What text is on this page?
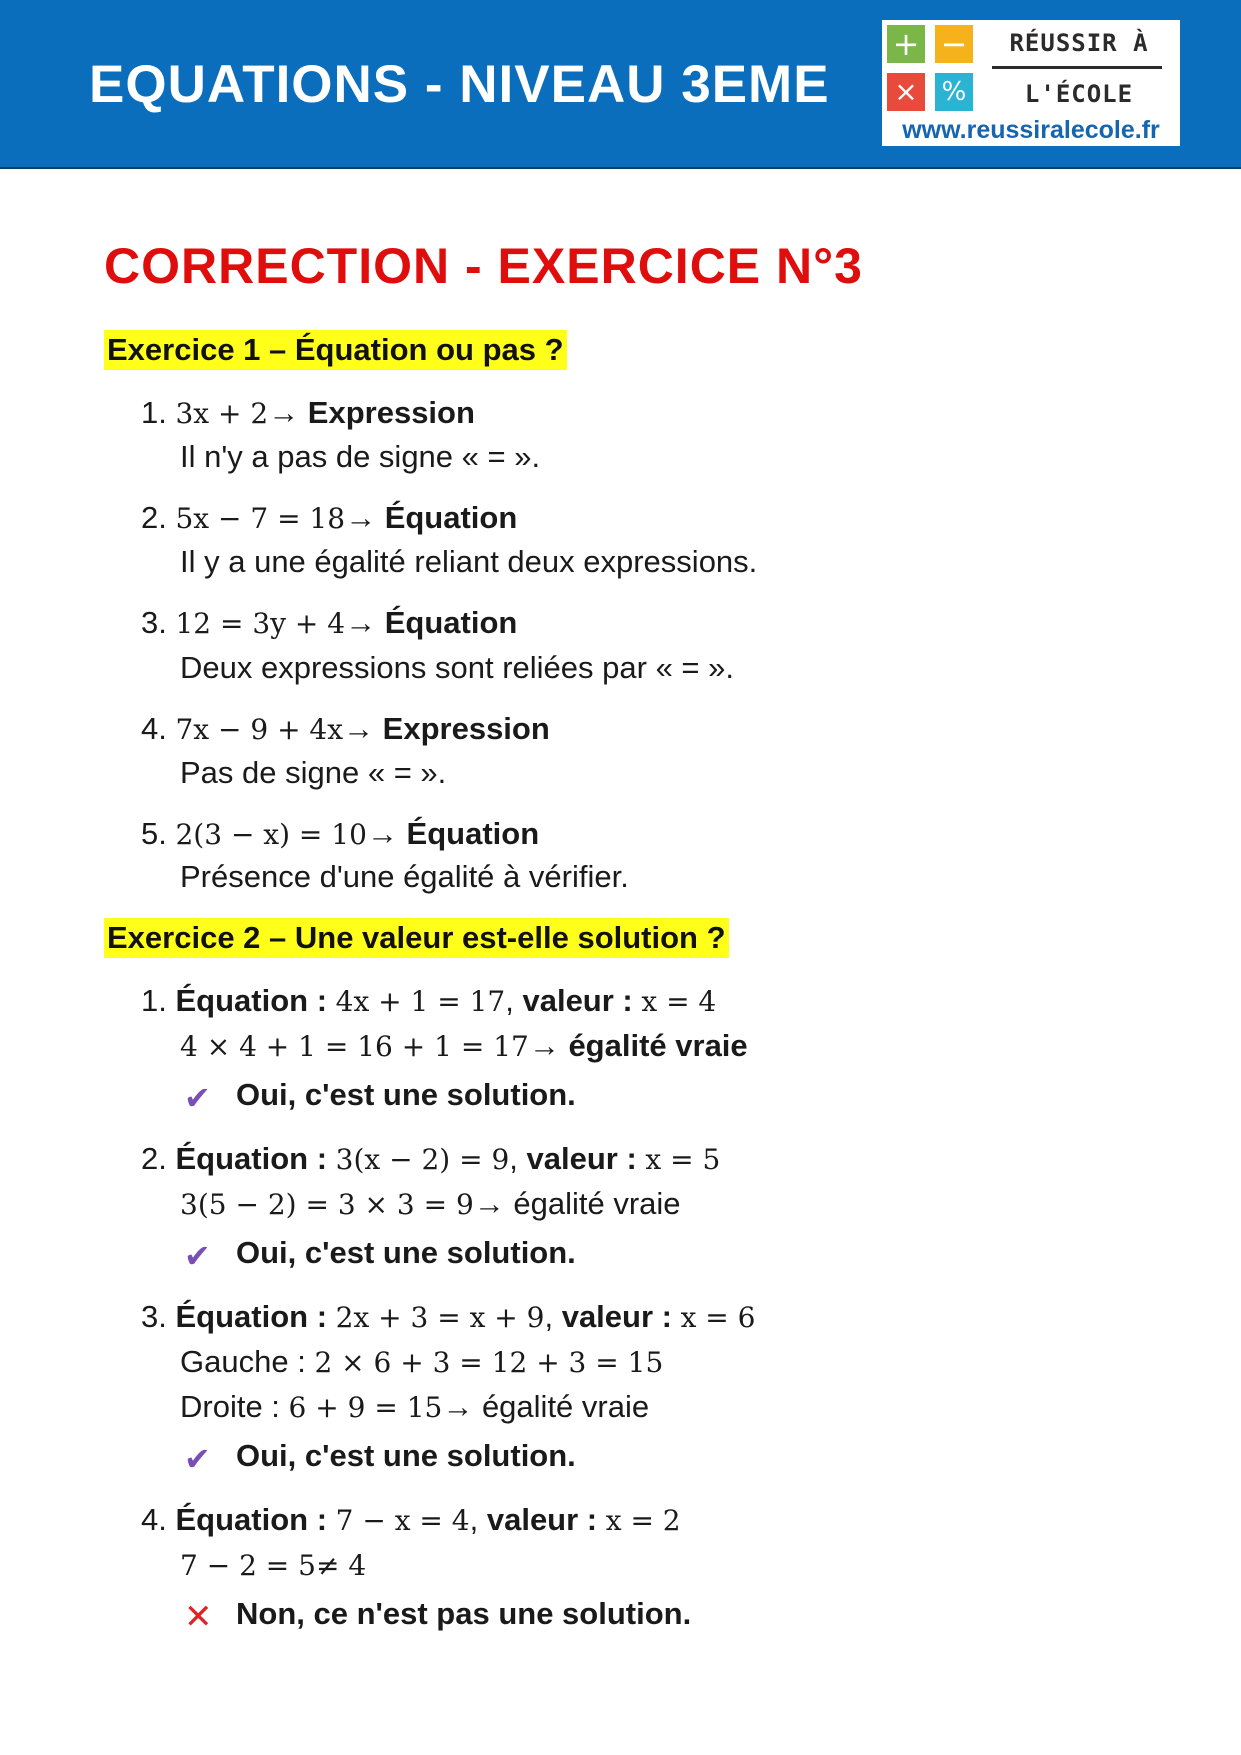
EQUATIONS - NIVEAU 3EME
+ −
× %
RÉUSSIR À
L'ÉCOLE
www.reussiralecole.fr
CORRECTION - EXERCICE N°3
Exercice 1 – Équation ou pas ?
1. 3x + 2→ Expression
Il n'y a pas de signe « = ».
2. 5x − 7 = 18→ Équation
Il y a une égalité reliant deux expressions.
3. 12 = 3y + 4→ Équation
Deux expressions sont reliées par « = ».
4. 7x − 9 + 4x→ Expression
Pas de signe « = ».
5. 2(3 − x) = 10→ Équation
Présence d'une égalité à vérifier.
Exercice 2 – Une valeur est-elle solution ?
1. Équation : 4x + 1 = 17, valeur : x = 4
4 × 4 + 1 = 16 + 1 = 17→ égalité vraie
✔ Oui, c'est une solution.
2. Équation : 3(x − 2) = 9, valeur : x = 5
3(5 − 2) = 3 × 3 = 9→ égalité vraie
✔ Oui, c'est une solution.
3. Équation : 2x + 3 = x + 9, valeur : x = 6
Gauche : 2 × 6 + 3 = 12 + 3 = 15
Droite : 6 + 9 = 15→ égalité vraie
✔ Oui, c'est une solution.
4. Équation : 7 − x = 4, valeur : x = 2
7 − 2 = 5≠ 4
✕ Non, ce n'est pas une solution.
